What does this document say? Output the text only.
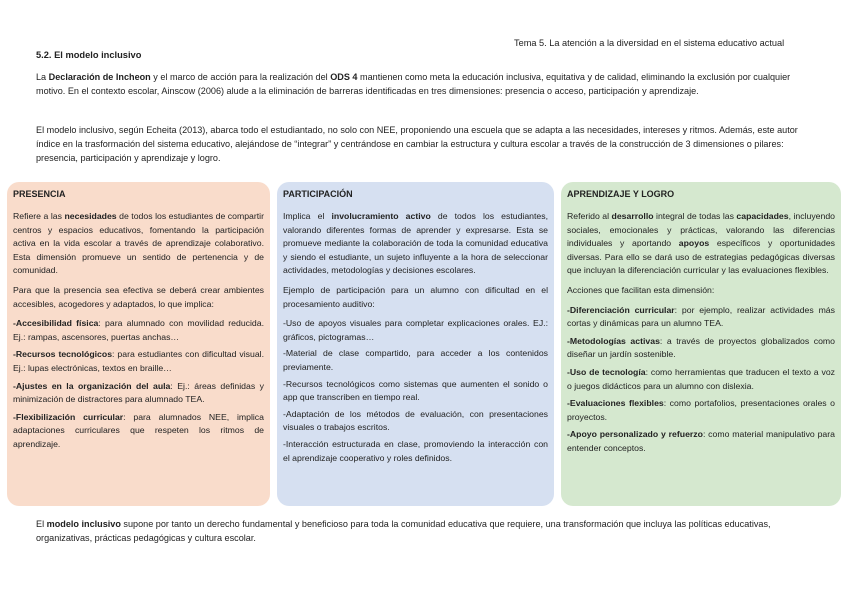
Tema 5. La atención a la diversidad en el sistema educativo actual
5.2. El modelo inclusivo

La Declaración de Incheon y el marco de acción para la realización del ODS 4 mantienen como meta la educación inclusiva, equitativa y de calidad, eliminando la exclusión por cualquier motivo. En el contexto escolar, Ainscow (2006) alude a la eliminación de barreras identificadas en tres dimensiones: presencia o acceso, participación y aprendizaje.

El modelo inclusivo, según Echeita (2013), abarca todo el estudiantado, no solo con NEE, proponiendo una escuela que se adapta a las necesidades, intereses y ritmos. Además, este autor índice en la trasformación del sistema educativo, alejándose de “integrar” y centrándose en cambiar la estructura y cultura escolar a través de la construcción de 3 dimensiones o pilares: presencia, participación y aprendizaje y logro.

PRESENCIA

Refiere a las necesidades de todos los estudiantes de compartir centros y espacios educativos, fomentando la participación activa en la vida escolar a través de aprendizaje colaborativo. Esta dimensión promueve un sentido de pertenencia y de comunidad.

Para que la presencia sea efectiva se deberá crear ambientes accesibles, acogedores y adaptados, lo que implica:

-Accesibilidad física: para alumnado con movilidad reducida. Ej.: rampas, ascensores, puertas anchas…
-Recursos tecnológicos: para estudiantes con dificultad visual. Ej.: lupas electrónicas, textos en braille…
-Ajustes en la organización del aula: Ej.: áreas definidas y minimización de distractores para alumnado TEA.
-Flexibilización curricular: para alumnados NEE, implica adaptaciones curriculares que respeten los ritmos de aprendizaje.
PARTICIPACIÓN

Implica el involucramiento activo de todos los estudiantes, valorando diferentes formas de aprender y expresarse. Esta se promueve mediante la colaboración de toda la comunidad educativa y siendo el estudiante, un sujeto influyente a la hora de seleccionar actividades, metodologías y decisiones escolares.

Ejemplo de participación para un alumno con dificultad en el procesamiento auditivo:

-Uso de apoyos visuales para completar explicaciones orales. EJ.: gráficos, pictogramas…
-Material de clase compartido, para acceder a los contenidos previamente.
-Recursos tecnológicos como sistemas que aumenten el sonido o app que transcriben en tiempo real.
-Adaptación de los métodos de evaluación, con presentaciones visuales o trabajos escritos.
-Interacción estructurada en clase, promoviendo la interacción con el aprendizaje cooperativo y roles definidos.
APRENDIZAJE Y LOGRO

Referido al desarrollo integral de todas las capacidades, incluyendo sociales, emocionales y prácticas, valorando las diferencias individuales y aportando apoyos específicos y oportunidades diversas. Para ello se dará uso de estrategias pedagógicas diversas que incluyan la diferenciación curricular y las evaluaciones flexibles.

Acciones que facilitan esta dimensión:

-Diferenciación curricular: por ejemplo, realizar actividades más cortas y dinámicas para un alumno TEA.
-Metodologías activas: a través de proyectos globalizados como diseñar un jardín sostenible.
-Uso de tecnología: como herramientas que traducen el texto a voz o juegos didácticos para un alumno con dislexia.
-Evaluaciones flexibles: como portafolios, presentaciones orales o proyectos.
-Apoyo personalizado y refuerzo: como material manipulativo para entender conceptos.

El modelo inclusivo supone por tanto un derecho fundamental y beneficioso para toda la comunidad educativa que requiere, una transformación que incluya las políticas educativas, organizativas, prácticas pedagógicas y cultura escolar.
